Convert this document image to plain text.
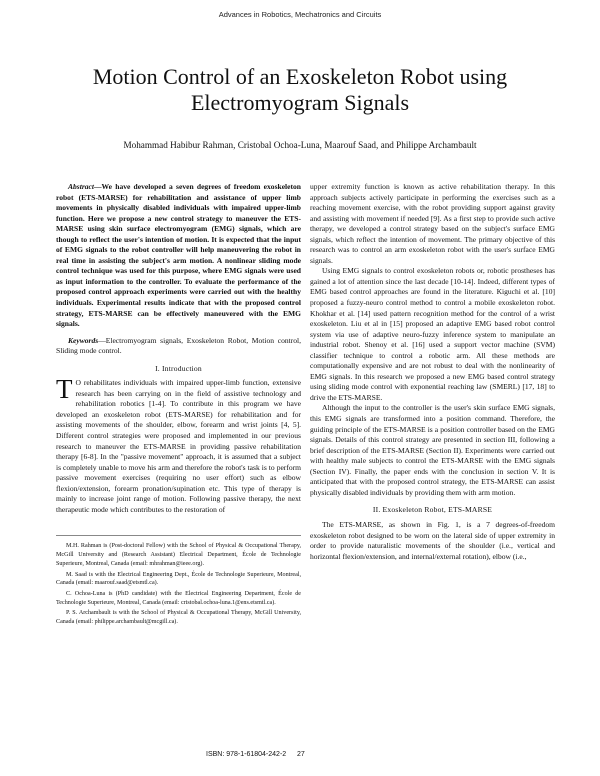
Advances in Robotics, Mechatronics and Circuits
Motion Control of an Exoskeleton Robot using Electromyogram Signals
Mohammad Habibur Rahman, Cristobal Ochoa-Luna, Maarouf Saad, and Philippe Archambault

Abstract—We have developed a seven degrees of freedom exoskeleton robot (ETS-MARSE) for rehabilitation and assistance of upper limb movements in physically disabled individuals with impaired upper-limb function. Here we propose a new control strategy to maneuver the ETS-MARSE using skin surface electromyogram (EMG) signals, which are though to reflect the user's intention of motion. It is expected that the input of EMG signals to the robot controller will help maneuvering the robot in real time in assisting the subject's arm motion. A nonlinear sliding mode control technique was used for this purpose, where EMG signals were used as input information to the controller. To evaluate the performance of the proposed control approach experiments were carried out with the healthy individuals. Experimental results indicate that with the proposed control strategy, ETS-MARSE can be effectively maneuvered with the EMG signals.

Keywords—Electromyogram signals, Exoskeleton Robot, Motion control, Sliding mode control.

I. Introduction

T O rehabilitates individuals with impaired upper-limb function, extensive research has been carrying on in the field of assistive technology and rehabilitation robotics [1-4]. To contribute in this program we have developed an exoskeleton robot (ETS-MARSE) for rehabilitation and for assisting movements of the shoulder, elbow, forearm and wrist joints [4, 5]. Different control strategies were proposed and implemented in our previous research to maneuver the ETS-MARSE in providing passive rehabilitation therapy [6-8]. In the "passive movement" approach, it is assumed that a subject is completely unable to move his arm and therefore the robot's task is to perform passive movement exercises (requiring no user effort) such as elbow flexion/extension, forearm pronation/supination etc. This type of therapy is mainly to increase joint range of motion. Following passive therapy, the next therapeutic mode which contributes to the restoration of

M.H. Rahman is (Post-doctoral Fellow) with the School of Physical & Occupational Therapy, McGill University and (Research Assistant) Electrical Department, École de Technologie Superieure, Montreal, Canada (email: mhrahman@ieee.org).

M. Saad is with the Electrical Engineering Dept., École de Technologie Superieure, Montreal, Canada (email: maarouf.saad@etsmtl.ca).

C. Ochoa-Luna is (PhD candidate) with the Electrical Engineering Department, École de Technologie Superieure, Montreal, Canada (email: cristobal.ochoa-luna.1@ens.etsmtl.ca).

P. S. Archambault is with the School of Physical & Occupational Therapy, McGill University, Canada (email: philippe.archambault@mcgill.ca).

upper extremity function is known as active rehabilitation therapy. In this approach subjects actively participate in performing the exercises such as a reaching movement exercise, with the robot providing support against gravity and assisting with movement if needed [9]. As a first step to provide such active therapy, we developed a control strategy based on the subject's surface EMG signals, which reflect the intention of movement. The primary objective of this research was to control an arm exoskeleton robot with the user's surface EMG signals.

Using EMG signals to control exoskeleton robots or, robotic prostheses has gained a lot of attention since the last decade [10-14]. Indeed, different types of EMG based control approaches are found in the literature. Kiguchi et al. [10] proposed a fuzzy-neuro control method to control a mobile exoskeleton robot. Khokhar et al. [14] used pattern recognition method for the control of a wrist exoskeleton. Liu et al in [15] proposed an adaptive EMG based robot control system via use of adaptive neuro-fuzzy inference system to manipulate an industrial robot. Shenoy et al. [16] used a support vector machine (SVM) classifier technique to control a robotic arm. All these methods are computationally expensive and are not robust to deal with the nonlinearity of EMG signals. In this research we proposed a new EMG based control strategy using sliding mode control with exponential reaching law (SMERL) [17, 18] to drive the ETS-MARSE.

Although the input to the controller is the user's skin surface EMG signals, this EMG signals are transformed into a position command. Therefore, the guiding principle of the ETS-MARSE is a position controller based on the EMG signals. Details of this control strategy are presented in section III, following a brief description of the ETS-MARSE (Section II). Experiments were carried out with healthy male subjects to control the ETS-MARSE with the EMG signals (Section IV). Finally, the paper ends with the conclusion in section V. It is anticipated that with the proposed control strategy, the ETS-MARSE can assist physically disabled individuals by providing them with arm motion.

II. Exoskeleton Robot, ETS-MARSE

The ETS-MARSE, as shown in Fig. 1, is a 7 degrees-of-freedom exoskeleton robot designed to be worn on the lateral side of upper extremity in order to provide naturalistic movements of the shoulder (i.e., vertical and horizontal flexion/extension, and internal/external rotation), elbow (i.e.,

ISBN: 978-1-61804-242-2 27
